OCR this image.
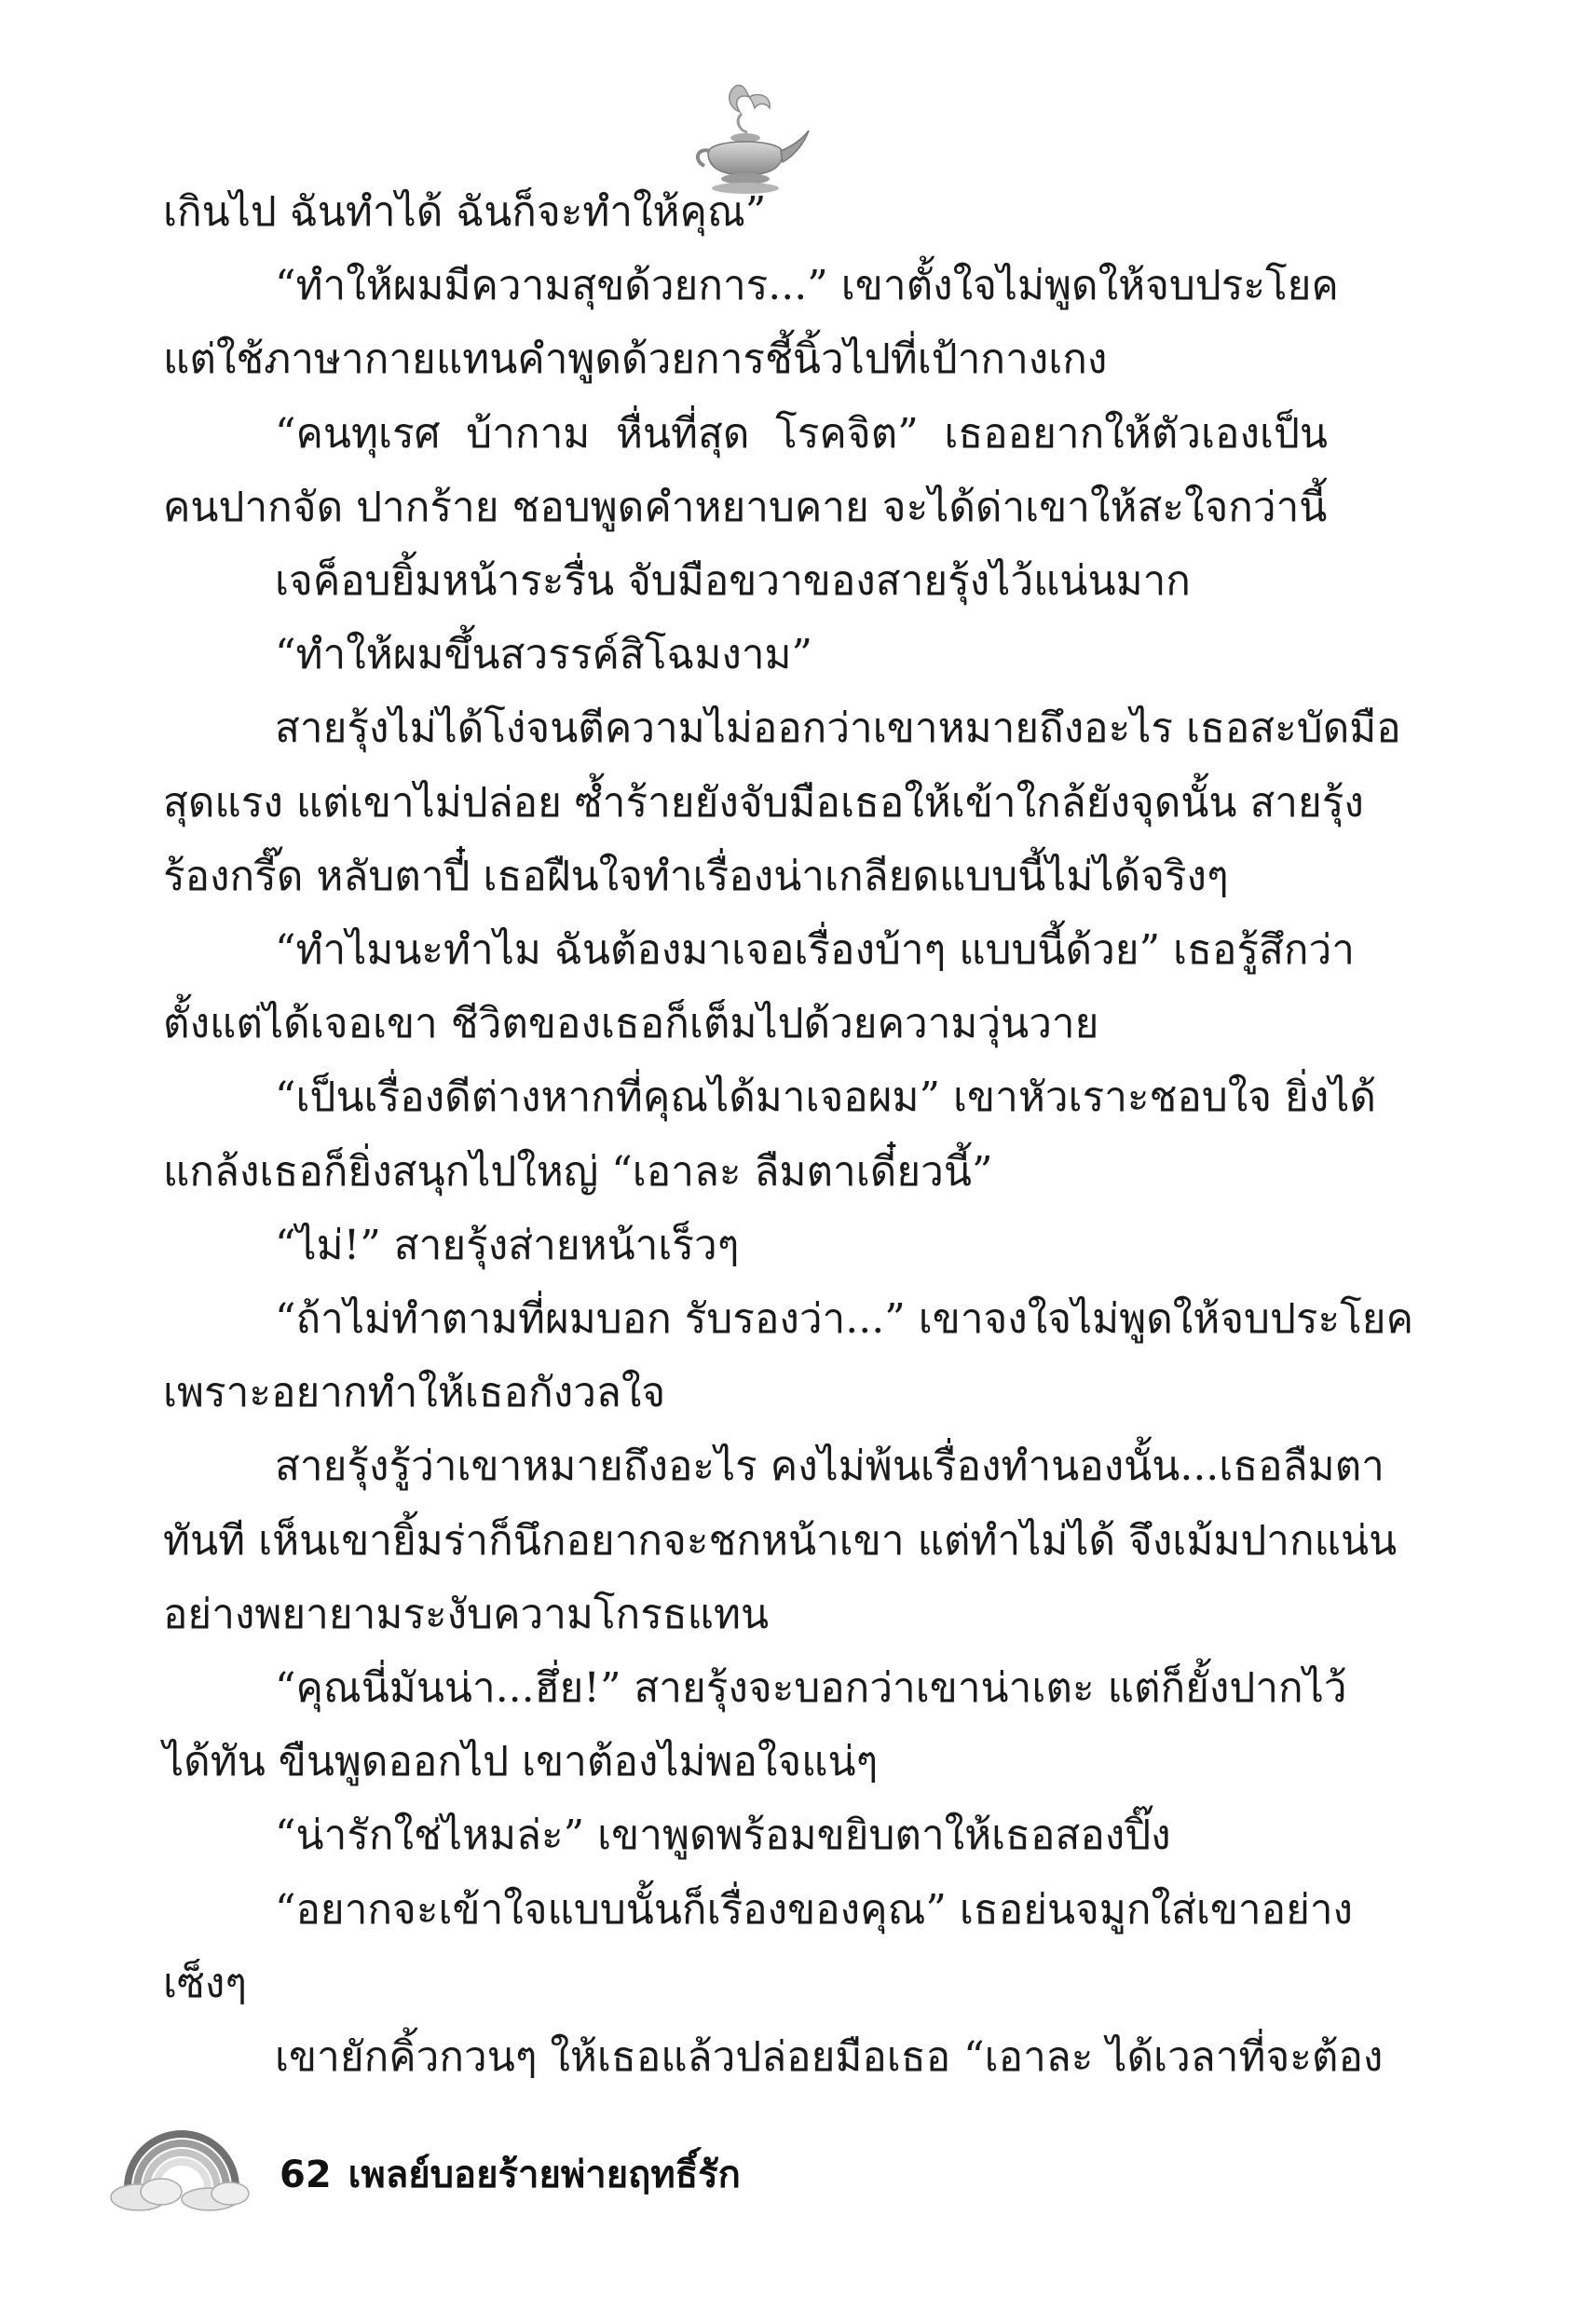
เกินไป ฉันทำได้ ฉันก็จะทำให้คุณ”
“ทำให้ผมมีความสุขด้วยการ...” เขาตั้งใจไม่พูดให้จบประโยค
แต่ใช้ภาษากายแทนคำพูดด้วยการชี้นิ้วไปที่เป้ากางเกง
“คนทุเรศ บ้ากาม หื่นที่สุด โรคจิต” เธออยากให้ตัวเองเป็น
คนปากจัด ปากร้าย ชอบพูดคำหยาบคาย จะได้ด่าเขาให้สะใจกว่านี้
เจค็อบยิ้มหน้าระรื่น จับมือขวาของสายรุ้งไว้แน่นมาก
“ทำให้ผมขึ้นสวรรค์สิโฉมงาม”
สายรุ้งไม่ได้โง่จนตีความไม่ออกว่าเขาหมายถึงอะไร เธอสะบัดมือ
สุดแรง แต่เขาไม่ปล่อย ซ้ำร้ายยังจับมือเธอให้เข้าใกล้ยังจุดนั้น สายรุ้ง
ร้องกรี๊ด หลับตาปี๋ เธอฝืนใจทำเรื่องน่าเกลียดแบบนี้ไม่ได้จริงๆ
“ทำไมนะทำไม ฉันต้องมาเจอเรื่องบ้าๆ แบบนี้ด้วย” เธอรู้สึกว่า
ตั้งแต่ได้เจอเขา ชีวิตของเธอก็เต็มไปด้วยความวุ่นวาย
“เป็นเรื่องดีต่างหากที่คุณได้มาเจอผม” เขาหัวเราะชอบใจ ยิ่งได้
แกล้งเธอก็ยิ่งสนุกไปใหญ่ “เอาละ ลืมตาเดี๋ยวนี้”
“ไม่!” สายรุ้งส่ายหน้าเร็วๆ
“ถ้าไม่ทำตามที่ผมบอก รับรองว่า...” เขาจงใจไม่พูดให้จบประโยค
เพราะอยากทำให้เธอกังวลใจ
สายรุ้งรู้ว่าเขาหมายถึงอะไร คงไม่พ้นเรื่องทำนองนั้น...เธอลืมตา
ทันที เห็นเขายิ้มร่าก็นึกอยากจะชกหน้าเขา แต่ทำไม่ได้ จึงเม้มปากแน่น
อย่างพยายามระงับความโกรธแทน
“คุณนี่มันน่า...ฮึ่ย!” สายรุ้งจะบอกว่าเขาน่าเตะ แต่ก็ยั้งปากไว้
ได้ทัน ขืนพูดออกไป เขาต้องไม่พอใจแน่ๆ
“น่ารักใช่ไหมล่ะ” เขาพูดพร้อมขยิบตาให้เธอสองปิ๊ง
“อยากจะเข้าใจแบบนั้นก็เรื่องของคุณ” เธอย่นจมูกใส่เขาอย่าง
เซ็งๆ
เขายักคิ้วกวนๆ ให้เธอแล้วปล่อยมือเธอ “เอาละ ได้เวลาที่จะต้อง
62 เพลย์บอยร้ายพ่ายฤทธิ์รัก
